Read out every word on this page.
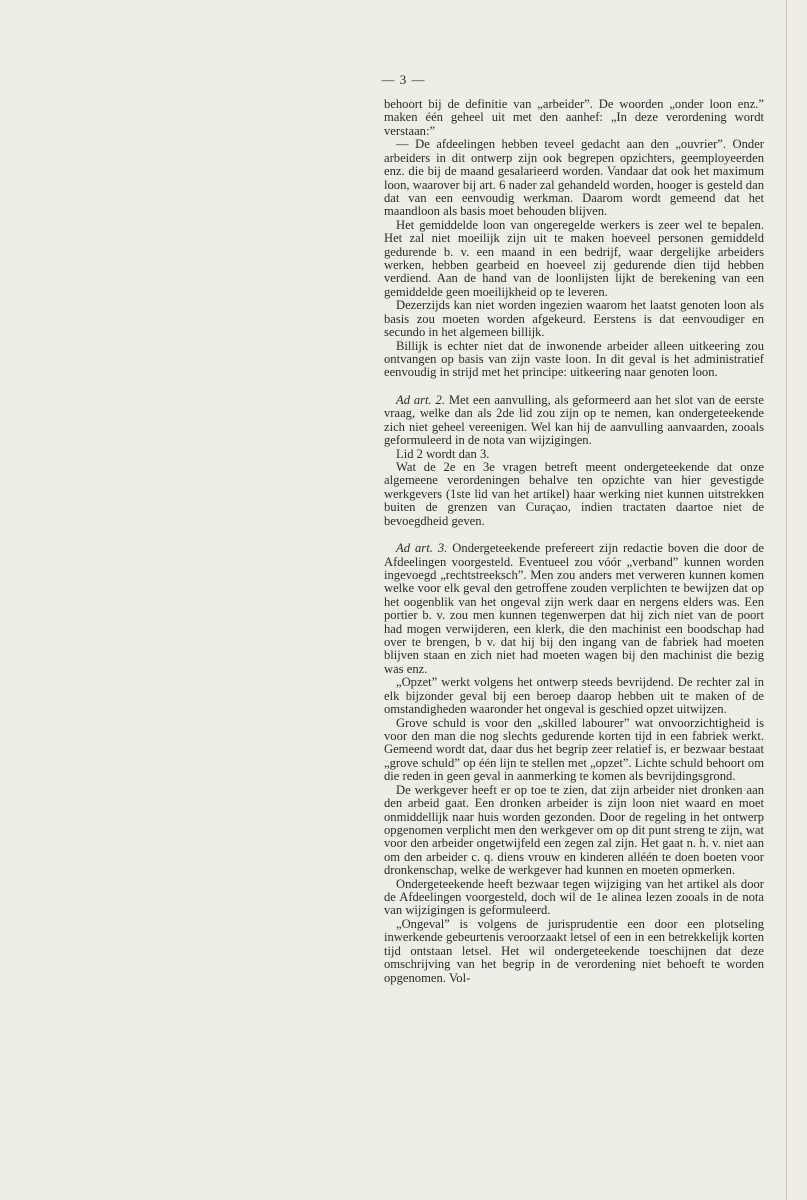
— 3 —

behoort bij de definitie van „arbeider”. De woorden „onder loon enz.” maken één geheel uit met den aanhef: „In deze verordening wordt verstaan:”

— De afdeelingen hebben teveel gedacht aan den „ouvrier”. Onder arbeiders in dit ontwerp zijn ook begrepen opzichters, geemployeerden enz. die bij de maand gesalarieerd worden. Vandaar dat ook het maximum loon, waarover bij art. 6 nader zal gehandeld worden, hooger is gesteld dan dat van een eenvoudig werkman. Daarom wordt gemeend dat het maandloon als basis moet behouden blijven.

Het gemiddelde loon van ongeregelde werkers is zeer wel te bepalen. Het zal niet moeilijk zijn uit te maken hoeveel personen gemiddeld gedurende b. v. een maand in een bedrijf, waar dergelijke arbeiders werken, hebben gearbeid en hoeveel zij gedurende dien tijd hebben verdiend. Aan de hand van de loonlijsten lijkt de berekening van een gemiddelde geen moeilijkheid op te leveren.

Dezerzijds kan niet worden ingezien waarom het laatst genoten loon als basis zou moeten worden afgekeurd. Eerstens is dat eenvoudiger en secundo in het algemeen billijk.

Billijk is echter niet dat de inwonende arbeider alleen uitkeering zou ontvangen op basis van zijn vaste loon. In dit geval is het administratief eenvoudig in strijd met het principe: uitkeering naar genoten loon.

Ad art. 2. Met een aanvulling, als geformeerd aan het slot van de eerste vraag, welke dan als 2de lid zou zijn op te nemen, kan ondergeteekende zich niet geheel vereenigen. Wel kan hij de aanvulling aanvaarden, zooals geformuleerd in de nota van wijzigingen.

Lid 2 wordt dan 3.

Wat de 2e en 3e vragen betreft meent ondergeteekende dat onze algemeene verordeningen behalve ten opzichte van hier gevestigde werkgevers (1ste lid van het artikel) haar werking niet kunnen uitstrekken buiten de grenzen van Curaçao, indien tractaten daartoe niet de bevoegdheid geven.

Ad art. 3. Ondergeteekende prefereert zijn redactie boven die door de Afdeelingen voorgesteld. Eventueel zou vóór „verband” kunnen worden ingevoegd „rechtstreeksch”. Men zou anders met verweren kunnen komen welke voor elk geval den getroffene zouden verplichten te bewijzen dat op het oogenblik van het ongeval zijn werk daar en nergens elders was. Een portier b. v. zou men kunnen tegenwerpen dat hij zich niet van de poort had mogen verwijderen, een klerk, die den machinist een boodschap had over te brengen, b v. dat hij bij den ingang van de fabriek had moeten blijven staan en zich niet had moeten wagen bij den machinist die bezig was enz.

„Opzet” werkt volgens het ontwerp steeds bevrijdend. De rechter zal in elk bijzonder geval bij een beroep daarop hebben uit te maken of de omstandigheden waaronder het ongeval is geschied opzet uitwijzen.

Grove schuld is voor den „skilled labourer” wat onvoorzichtigheid is voor den man die nog slechts gedurende korten tijd in een fabriek werkt. Gemeend wordt dat, daar dus het begrip zeer relatief is, er bezwaar bestaat „grove schuld” op één lijn te stellen met „opzet”. Lichte schuld behoort om die reden in geen geval in aanmerking te komen als bevrijdingsgrond.

De werkgever heeft er op toe te zien, dat zijn arbeider niet dronken aan den arbeid gaat. Een dronken arbeider is zijn loon niet waard en moet onmiddellijk naar huis worden gezonden. Door de regeling in het ontwerp opgenomen verplicht men den werkgever om op dit punt streng te zijn, wat voor den arbeider ongetwijfeld een zegen zal zijn. Het gaat n. h. v. niet aan om den arbeider c. q. diens vrouw en kinderen alléén te doen boeten voor dronkenschap, welke de werkgever had kunnen en moeten opmerken.

Ondergeteekende heeft bezwaar tegen wijziging van het artikel als door de Afdeelingen voorgesteld, doch wil de 1e alinea lezen zooals in de nota van wijzigingen is geformuleerd.

„Ongeval” is volgens de jurisprudentie een door een plotseling inwerkende gebeurtenis veroorzaakt letsel of een in een betrekkelijk korten tijd ontstaan letsel. Het wil ondergeteekende toeschijnen dat deze omschrijving van het begrip in de verordening niet behoeft te worden opgenomen. Vol-
